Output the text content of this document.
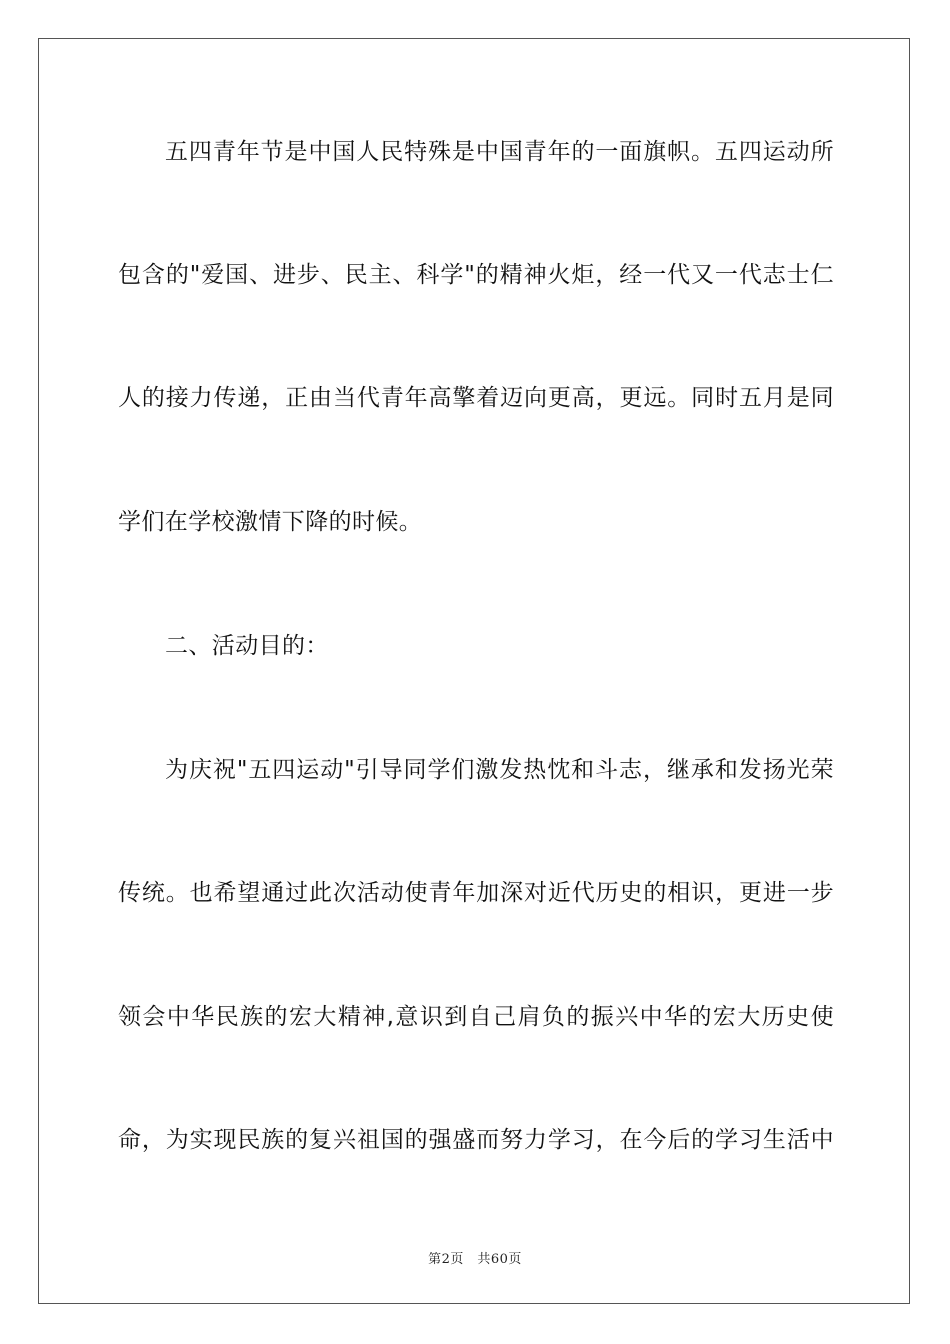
五四青年节是中国人民特殊是中国青年的一面旗帜。五四运动所
包含的"爱国、进步、民主、科学"的精神火炬，经一代又一代志士仁
人的接力传递，正由当代青年高擎着迈向更高，更远。同时五月是同
学们在学校激情下降的时候。
二、活动目的：
为庆祝"五四运动"引导同学们激发热忱和斗志，继承和发扬光荣
传统。也希望通过此次活动使青年加深对近代历史的相识，更进一步
领会中华民族的宏大精神,意识到自己肩负的振兴中华的宏大历史使
命，为实现民族的复兴祖国的强盛而努力学习，在今后的学习生活中
第2页　共60页
